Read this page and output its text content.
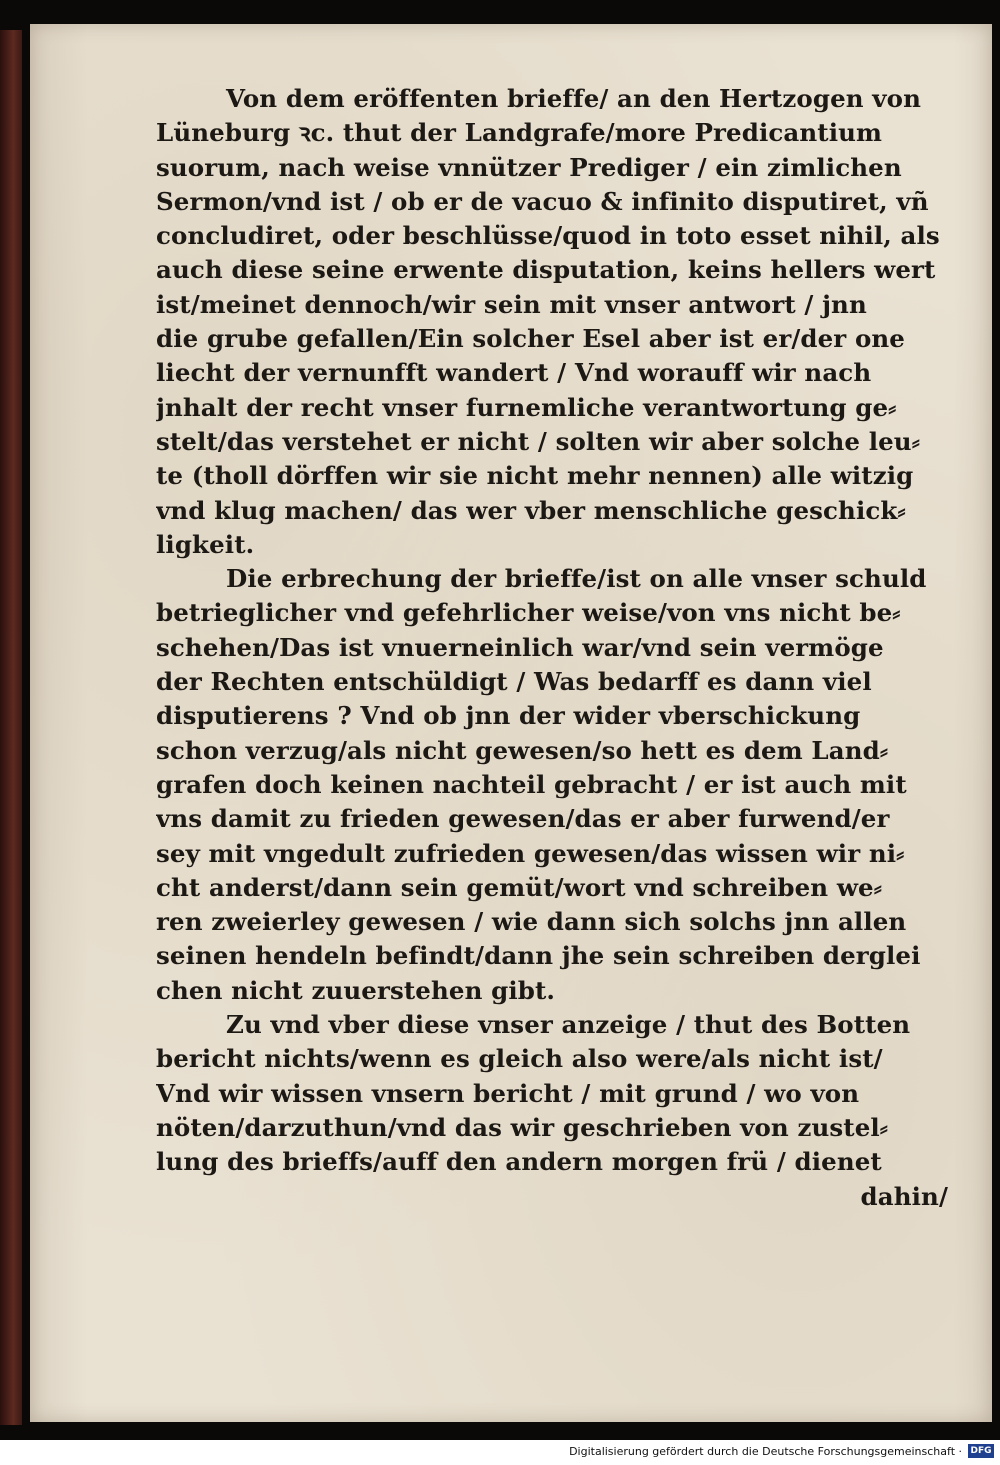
Von dem eröffenten brieffe/ an den Hertzogen von
Lüneburg ꝛc. thut der Landgrafe/more Predicantium
suorum, nach weise vnnützer Prediger / ein zimlichen
Sermon/vnd ist / ob er de vacuo & infinito disputiret, vñ
concludiret, oder beschlüsse/quod in toto esset nihil, als
auch diese seine erwente disputation, keins hellers wert
ist/meinet dennoch/wir sein mit vnser antwort / jnn
die grube gefallen/Ein solcher Esel aber ist er/der one
liecht der vernunfft wandert / Vnd worauff wir nach
jnhalt der recht vnser furnemliche verantwortung ge⸗
stelt/das verstehet er nicht / solten wir aber solche leu⸗
te (tholl dörffen wir sie nicht mehr nennen) alle witzig
vnd klug machen/ das wer vber menschliche geschick⸗
ligkeit.
Die erbrechung der brieffe/ist on alle vnser schuld
betrieglicher vnd gefehrlicher weise/von vns nicht be⸗
schehen/Das ist vnuerneinlich war/vnd sein vermöge
der Rechten entschüldigt / Was bedarff es dann viel
disputierens ? Vnd ob jnn der wider vberschickung
schon verzug/als nicht gewesen/so hett es dem Land⸗
grafen doch keinen nachteil gebracht / er ist auch mit
vns damit zu frieden gewesen/das er aber furwend/er
sey mit vngedult zufrieden gewesen/das wissen wir ni⸗
cht anderst/dann sein gemüt/wort vnd schreiben we⸗
ren zweierley gewesen / wie dann sich solchs jnn allen
seinen hendeln befindt/dann jhe sein schreiben derglei
chen nicht zuuerstehen gibt.
Zu vnd vber diese vnser anzeige / thut des Botten
bericht nichts/wenn es gleich also were/als nicht ist/
Vnd wir wissen vnsern bericht / mit grund / wo von
nöten/darzuthun/vnd das wir geschrieben von zustel⸗
lung des brieffs/auff den andern morgen frü / dienet
dahin/
Digitalisierung gefördert durch die Deutsche Forschungsgemeinschaft · DFG
